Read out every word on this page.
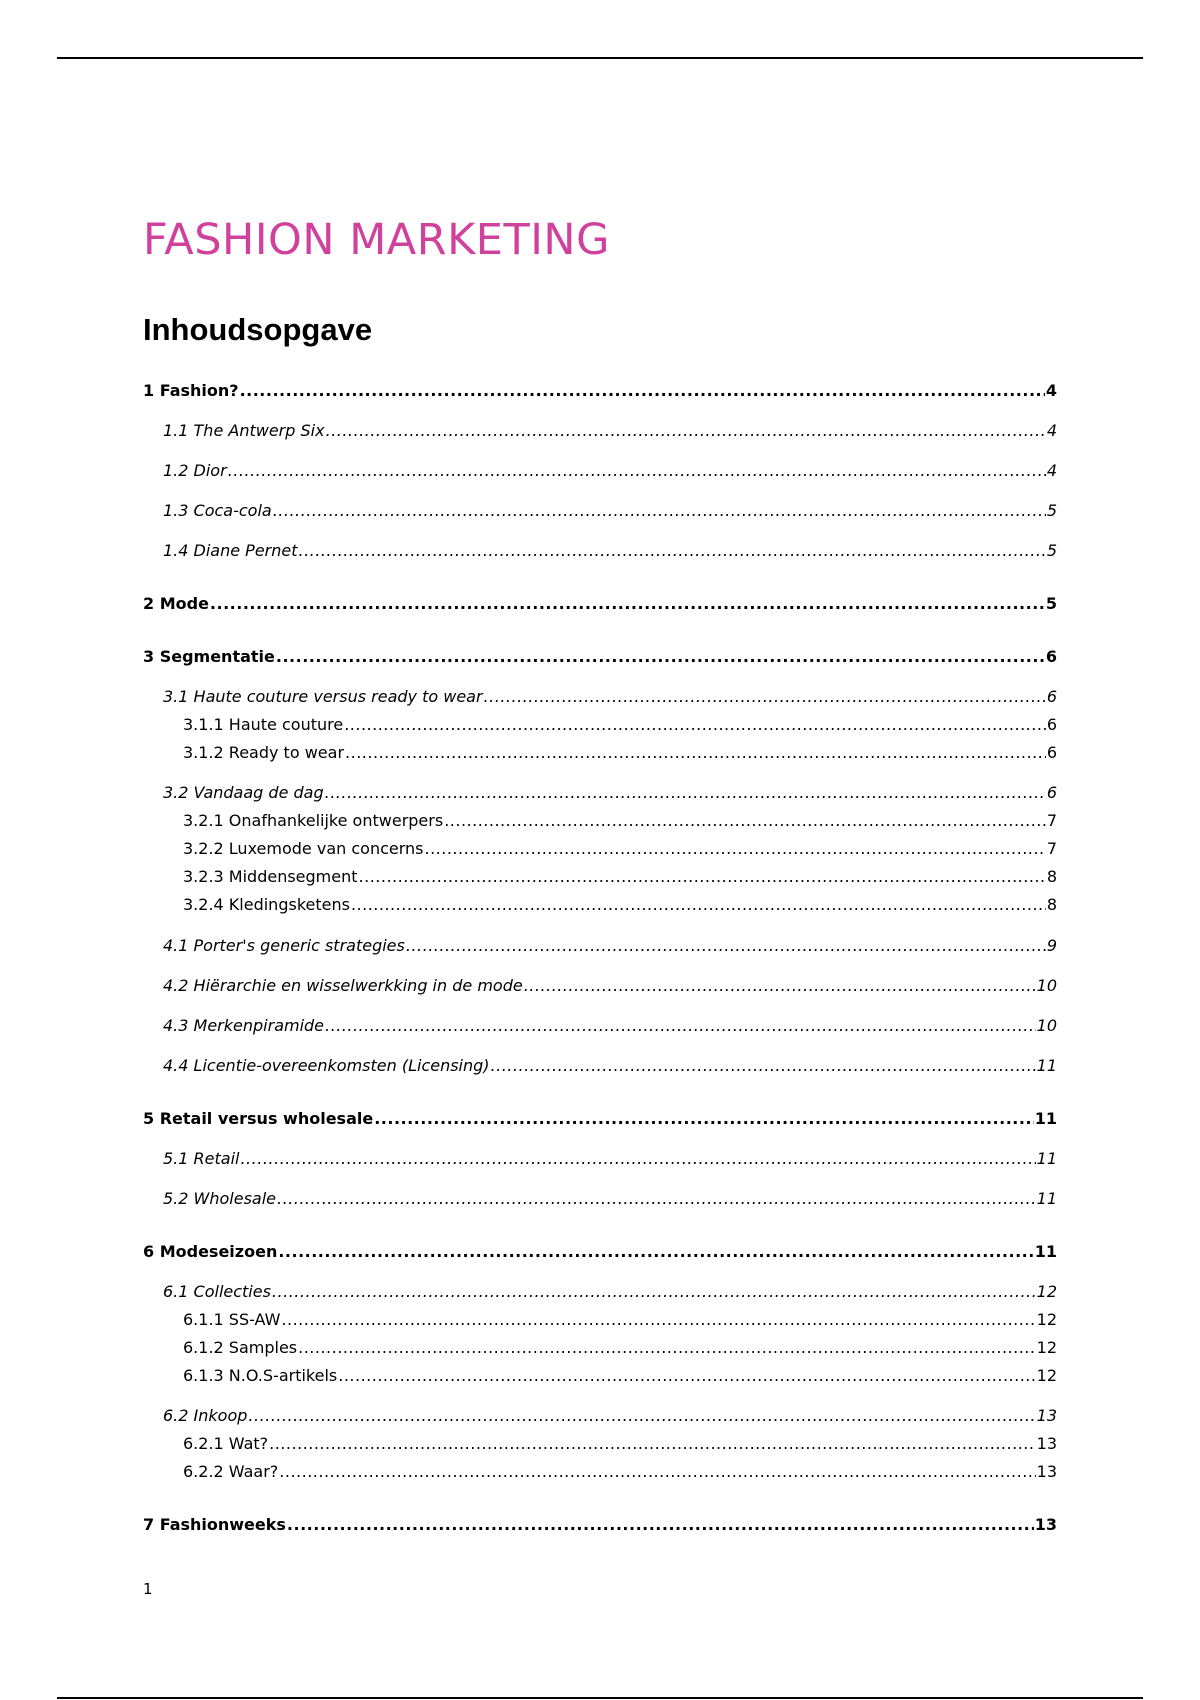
FASHION MARKETING
Inhoudsopgave
1 Fashion? .....	4
1.1 The Antwerp Six .....	4
1.2 Dior .....	4
1.3 Coca-cola .....	5
1.4 Diane Pernet .....	5
2 Mode .....	5
3 Segmentatie .....	6
3.1 Haute couture versus ready to wear .....	6
3.1.1 Haute couture .....	6
3.1.2 Ready to wear .....	6
3.2 Vandaag de dag .....	6
3.2.1 Onafhankelijke ontwerpers .....	7
3.2.2 Luxemode van concerns .....	7
3.2.3 Middensegment .....	8
3.2.4 Kledingsketens .....	8
4.1 Porter's generic strategies .....	9
4.2 Hiërarchie en wisselwerkking in de mode .....	10
4.3 Merkenpiramide .....	10
4.4 Licentie-overeenkomsten (Licensing) .....	11
5 Retail versus wholesale .....	11
5.1 Retail .....	11
5.2 Wholesale .....	11
6 Modeseizoen .....	11
6.1 Collecties .....	12
6.1.1 SS-AW .....	12
6.1.2 Samples .....	12
6.1.3 N.O.S-artikels .....	12
6.2 Inkoop .....	13
6.2.1 Wat? .....	13
6.2.2 Waar? .....	13
7 Fashionweeks .....	13
1
